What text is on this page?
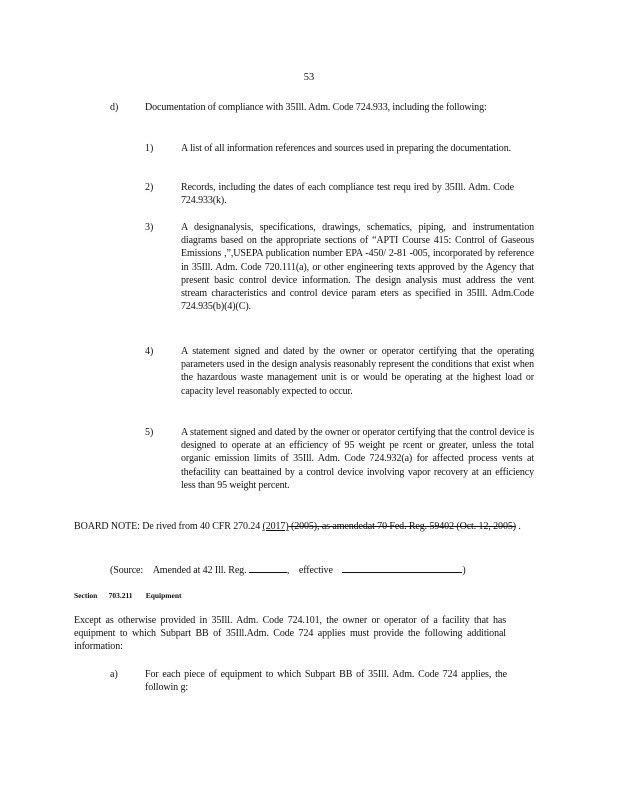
53
d)	Documentation of compliance with 35Ill. Adm. Code 724.933, including the following:
1)	A list of all information references and sources used in preparing the documentation.
2)	Records, including the dates of each compliance test requ ired by 35Ill. Adm. Code 724.933(k).
3)	A designanalysis, specifications, drawings, schematics, piping, and instrumentation diagrams based on the appropriate sections of “APTI Course 415: Control of Gaseous Emissions ,”,USEPA publication number EPA -450/ 2-81 -005, incorporated by reference in 35Ill. Adm. Code 720.111(a), or other engineering texts approved by the Agency that present basic control device information. The design analysis must address the vent stream characteristics and control device param eters as specified in 35Ill. Adm.Code 724.935(b)(4)(C).
4)	A statement signed and dated by the owner or operator certifying that the operating parameters used in the design analysis reasonably represent the conditions that exist when the hazardous waste management unit is or would be operating at the highest load or capacity level reasonably expected to occur.
5)	A statement signed and dated by the owner or operator certifying that the control device is designed to operate at an efficiency of 95 weight pe rcent or greater, unless the total organic emission limits of 35Ill. Adm. Code 724.932(a) for affected process vents at thefacility can beattained by a control device involving vapor recovery at an efficiency less than 95 weight percent.
BOARD NOTE: De rived from 40 CFR 270.24 (2017) (2005), as amendedat 70 Fed. Reg. 59402 (Oct. 12, 2005) .
(Source: Amended at 42 Ill. Reg.	, effective	)
Section 703.211 Equipment
Except as otherwise provided in 35Ill. Adm. Code 724.101, the owner or operator of a facility that has equipment to which Subpart BB of 35Ill.Adm. Code 724 applies must provide the following additional information:
a)	For each piece of equipment to which Subpart BB of 35Ill. Adm. Code 724 applies, the followin g:
